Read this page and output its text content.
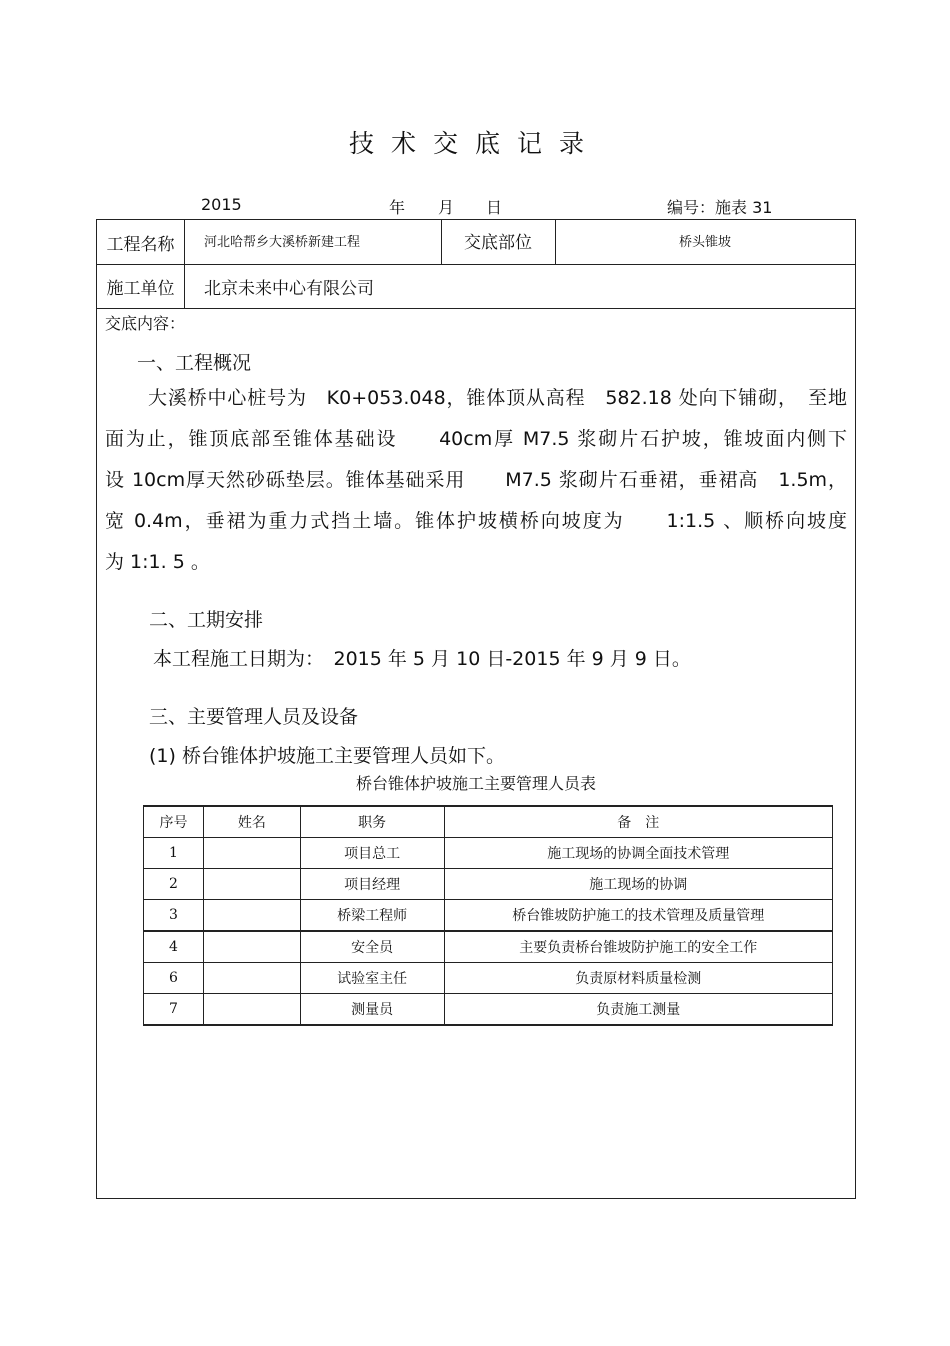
技术交底记录
2015	年 月 日	编号：施表 31
工程名称	河北哈帮乡大溪桥新建工程	交底部位	桥头锥坡
施工单位	北京未来中心有限公司
交底内容：
一、工程概况

大溪桥中心桩号为　K0+053.048，锥体顶从高程　582.18 处向下铺砌，　至地

面为止，锥顶底部至锥体基础设　　40cm厚 M7.5 浆砌片石护坡，锥坡面内侧下

设 10cm厚天然砂砾垫层。锥体基础采用　　M7.5 浆砌片石垂裙，垂裙高　1.5m，

宽 0.4m，垂裙为重力式挡土墙。锥体护坡横桥向坡度为　　1:1.5 、顺桥向坡度

为 1:1. 5 。

二、工期安排
本工程施工日期为：　2015 年 5 月 10 日-2015 年 9 月 9 日。
三、主要管理人员及设备
(1) 桥台锥体护坡施工主要管理人员如下。
桥台锥体护坡施工主要管理人员表
序号	姓名	职务	备　注
1		项目总工	施工现场的协调全面技术管理
2		项目经理	施工现场的协调
3		桥梁工程师	桥台锥坡防护施工的技术管理及质量管理
4		安全员	主要负责桥台锥坡防护施工的安全工作
6		试验室主任	负责原材料质量检测
7		测量员	负责施工测量
